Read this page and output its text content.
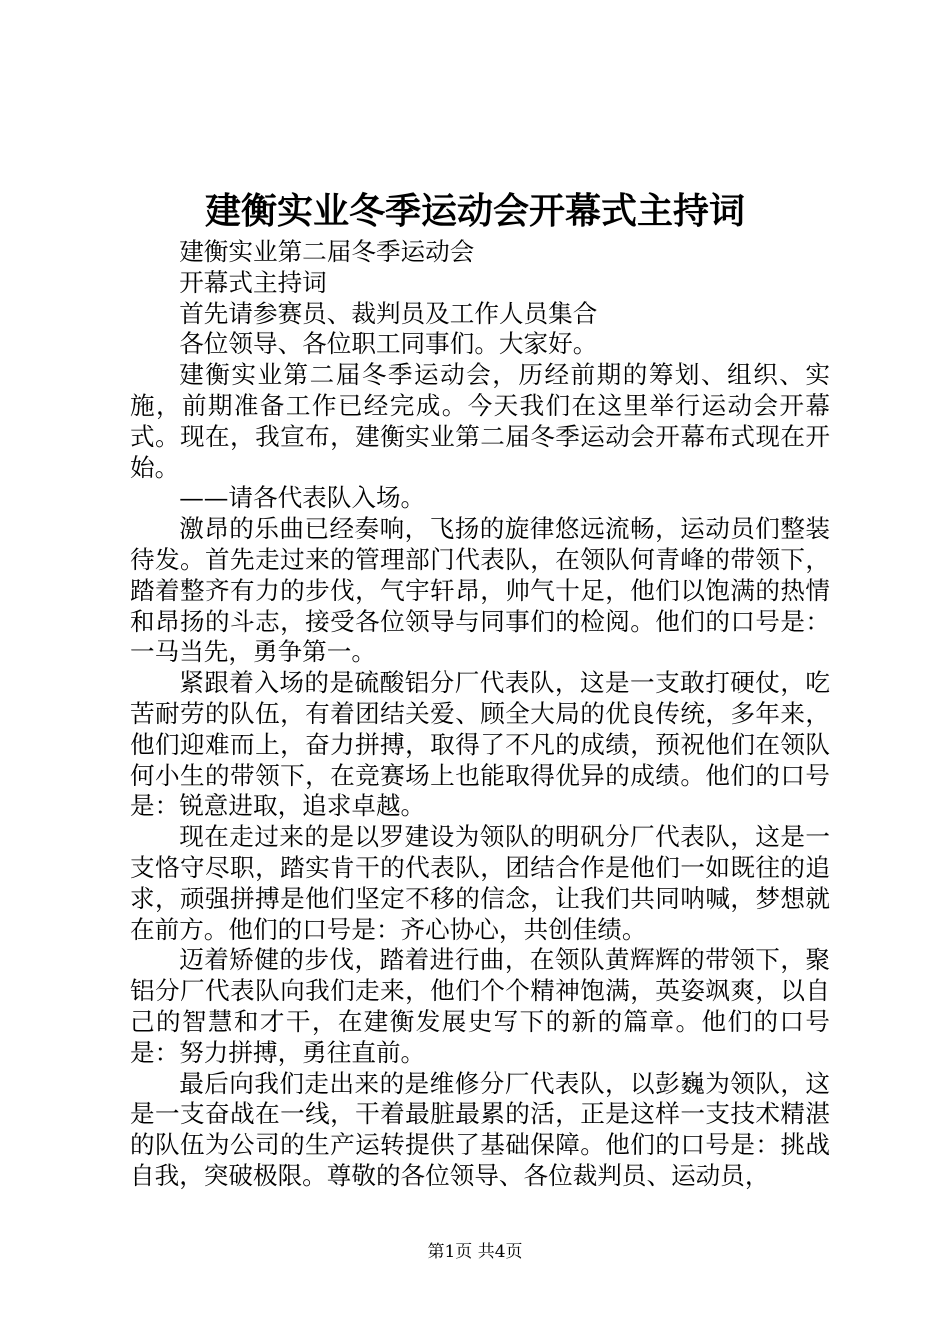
建衡实业冬季运动会开幕式主持词

建衡实业第二届冬季运动会

开幕式主持词

首先请参赛员、裁判员及工作人员集合

各位领导、各位职工同事们。大家好。

建衡实业第二届冬季运动会，历经前期的筹划、组织、实施，前期准备工作已经完成。今天我们在这里举行运动会开幕式。现在，我宣布，建衡实业第二届冬季运动会开幕布式现在开始。

——请各代表队入场。

激昂的乐曲已经奏响，飞扬的旋律悠远流畅，运动员们整装待发。首先走过来的管理部门代表队，在领队何青峰的带领下，踏着整齐有力的步伐，气宇轩昂，帅气十足，他们以饱满的热情和昂扬的斗志，接受各位领导与同事们的检阅。他们的口号是：一马当先，勇争第一。

紧跟着入场的是硫酸铝分厂代表队，这是一支敢打硬仗，吃苦耐劳的队伍，有着团结关爱、顾全大局的优良传统，多年来，他们迎难而上，奋力拼搏，取得了不凡的成绩，预祝他们在领队何小生的带领下，在竞赛场上也能取得优异的成绩。他们的口号是：锐意进取，追求卓越。

现在走过来的是以罗建设为领队的明矾分厂代表队，这是一支恪守尽职，踏实肯干的代表队，团结合作是他们一如既往的追求，顽强拼搏是他们坚定不移的信念，让我们共同呐喊，梦想就在前方。他们的口号是：齐心协心，共创佳绩。

迈着矫健的步伐，踏着进行曲，在领队黄辉辉的带领下，聚铝分厂代表队向我们走来，他们个个精神饱满，英姿飒爽，以自己的智慧和才干，在建衡发展史写下的新的篇章。他们的口号是：努力拼搏，勇往直前。

最后向我们走出来的是维修分厂代表队，以彭巍为领队，这是一支奋战在一线，干着最脏最累的活，正是这样一支技术精湛的队伍为公司的生产运转提供了基础保障。他们的口号是：挑战自我，突破极限。尊敬的各位领导、各位裁判员、运动员，

第1页 共4页
